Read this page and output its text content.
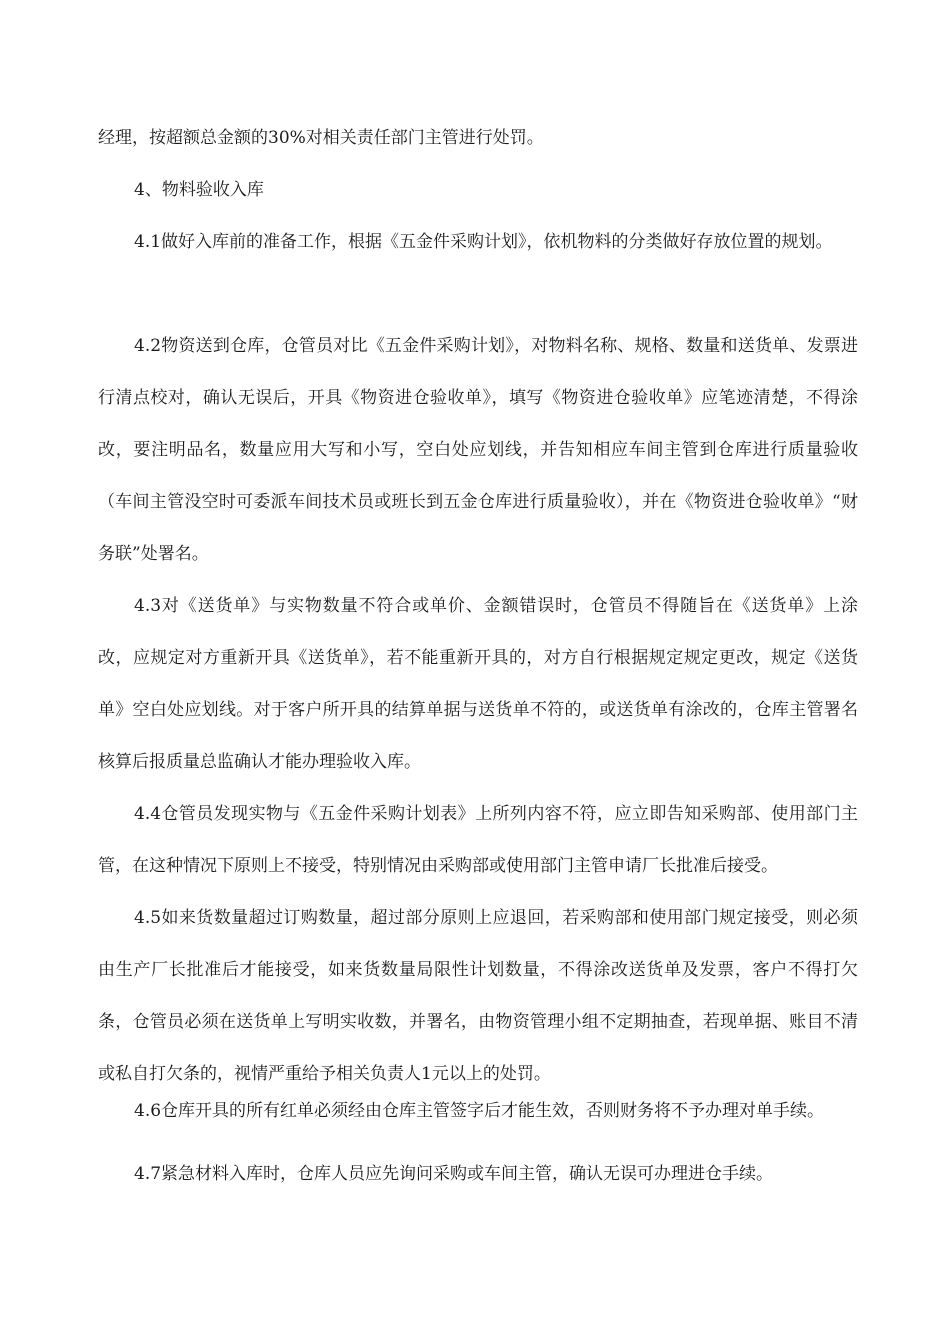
经理，按超额总金额的30%对相关责任部门主管进行处罚。

4、物料验收入库

4.1做好入库前的准备工作，根据《五金件采购计划》，依机物料的分类做好存放位置的规划。

4.2物资送到仓库，仓管员对比《五金件采购计划》，对物料名称、规格、数量和送货单、发票进行清点校对，确认无误后，开具《物资进仓验收单》，填写《物资进仓验收单》应笔迹清楚，不得涂改，要注明品名，数量应用大写和小写，空白处应划线，并告知相应车间主管到仓库进行质量验收（车间主管没空时可委派车间技术员或班长到五金仓库进行质量验收），并在《物资进仓验收单》“财务联”处署名。

4.3对《送货单》与实物数量不符合或单价、金额错误时，仓管员不得随旨在《送货单》上涂改，应规定对方重新开具《送货单》，若不能重新开具的，对方自行根据规定规定更改，规定《送货单》空白处应划线。对于客户所开具的结算单据与送货单不符的，或送货单有涂改的，仓库主管署名核算后报质量总监确认才能办理验收入库。

4.4仓管员发现实物与《五金件采购计划表》上所列内容不符，应立即告知采购部、使用部门主管，在这种情况下原则上不接受，特别情况由采购部或使用部门主管申请厂长批准后接受。

4.5如来货数量超过订购数量，超过部分原则上应退回，若采购部和使用部门规定接受，则必须由生产厂长批准后才能接受，如来货数量局限性计划数量，不得涂改送货单及发票，客户不得打欠条，仓管员必须在送货单上写明实收数，并署名，由物资管理小组不定期抽查，若现单据、账目不清或私自打欠条的，视情严重给予相关负责人1元以上的处罚。

4.6仓库开具的所有红单必须经由仓库主管签字后才能生效，否则财务将不予办理对单手续。

4.7紧急材料入库时，仓库人员应先询问采购或车间主管，确认无误可办理进仓手续。
